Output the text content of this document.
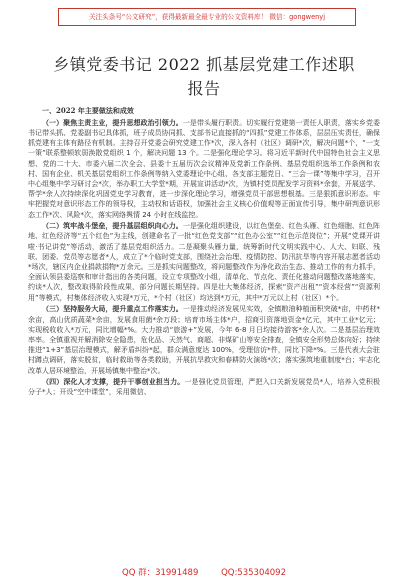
关注头条号“公文研究”，获得最新最全最专业的公文资料库！ 微信：gongwenyj
乡镇党委书记 2022 抓基层党建工作述职
报告

一、2022 年主要做法和成效

（一）聚焦主责主业，提升思想政治引领力。一是带头履行职责。切实履行党建第一责任人职责，落实乡党委书记带头抓、党委副书记具体抓，班子成员协同抓、支部书记直接抓的“四抓”党建工作体系，层层压实责任，确保抓党建有主体有路径有机制。主持召开党委会研究党建工作*次，深入各村（社区）调研*次，解决问题*个，“一支一策”联系整顿软弱涣散党组织 1 个，解决问题 13 个。二是强化理论学习。将习近平新时代中国特色社会主义思想、党的二十大、市委六届二次全会、县委十五届历次会议精神及党新工作条例、基层党组织选举工作条例和农村、国有企业、机关基层党组织工作条例等纳入党委理论中心组、各支部主题党日、“三会一课”等集中学习，召开中心组集中学习研讨会*次，举办职工大学堂*期，开展宣讲活动*次，为镇村党员配发学习资料*余套，开展送学、帮学*余人次持续深化巩固党史学习教育，进一步深化理论学习，增强党员干部思想根基。三是狠抓意识形态。牢牢把握党对意识形态工作的领导权，主动权和话语权，加强社会主义核心价值观等正面宣传引导，集中研判意识形态工作*次、风险*次，落实网络舆情 24 小时在线监控。

（二）筑牢战斗堡垒，提升基层组织向心力。一是强化组织建设，以红色堡垒、红色头雁、红色细胞、红色阵地、红色经济等“五个红色”为主线，创建命名了一批“红色党支部”“红色办公室”“红色示范岗位”；开展“党课开讲啦·书记讲党”等活动，激活了基层党组织活力。二是凝聚头雁力量，统筹新时代文明实践中心、人大、妇联、残联、团委、党员等志愿者*人，成立了*个临时党支部，围绕社会治理、疫情防控、防汛抗旱等内容开展志愿者活动*场次，辖区内企业捐款捐物*万余元。三是抓实问题整改，将问题整改作为净化政治生态、推动工作的有力抓手，全面认领县委巡察和审计指出的各类问题，设立专项整改小组，清单化、节点化、责任化推动问题整改落地落实，约谈*人次，整改取得阶段性成果，部分问题长期坚持。四是壮大集体经济，探索“资产出租”“资本经营”“资源利用”等模式，村集体经济收入实现*万元，*个村（社区）均达到*万元，其中*万元以上村（社区）*个。

（三）坚持服务大局，提升重点工作落实力。一是推动经济发展见实效，全镇粮油种植面积突破*亩，中药材*余亩，高山优质蔬菜*余亩，发展食用菌*余万段；培育市场主体*户，招商引资落地资金*亿元，其中工业*亿元；实现税收收入*万元，同比增幅*%。大力推动“旅游+”发展，今年 6-8 月日均接待游客*余人次。二是基层治理效率率。全镇重视并解消除安全隐患，危化品、天然气、商超、非煤矿山等安全排查，全镇安全形势总体向好；持续推进“1+3”基层治理模式，解矛盾纠纷*起，群众满意度达 100%，受理信访*件，同比下降*%。三是代表大会驻村蹲点调研，落实脱贫，临时救助等各类救助，开展抗旱救灾和春耕防火演练*次；落实强筑地重制度*台；牢志化改革人居环境整治，开展场镇集中整治*次。

（四）深化人才支撑，提升干事创业担当力。一是强化党员管理，严把入口关新发展党员*人，培养入党积极分子*人；开设“空中课堂”，采用微信、

QQ 群：31991489	QQ:535304092
